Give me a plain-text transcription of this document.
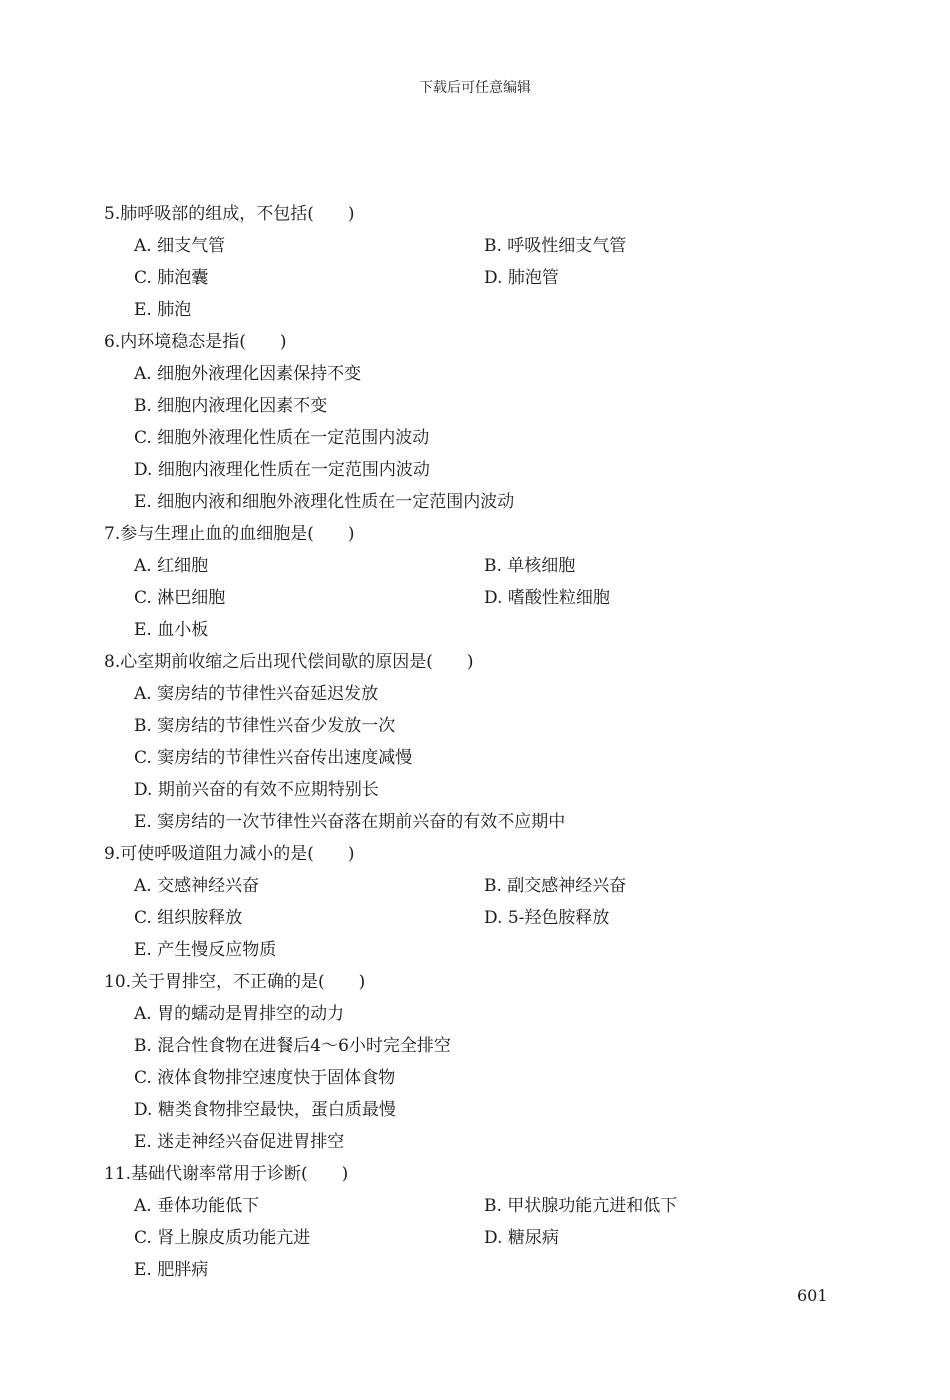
下载后可任意编辑
5.肺呼吸部的组成，不包括(　　)
A. 细支气管	B. 呼吸性细支气管
C. 肺泡囊	D. 肺泡管
E. 肺泡
6.内环境稳态是指(　　)
A. 细胞外液理化因素保持不变
B. 细胞内液理化因素不变
C. 细胞外液理化性质在一定范围内波动
D. 细胞内液理化性质在一定范围内波动
E. 细胞内液和细胞外液理化性质在一定范围内波动
7.参与生理止血的血细胞是(　　)
A. 红细胞	B. 单核细胞
C. 淋巴细胞	D. 嗜酸性粒细胞
E. 血小板
8.心室期前收缩之后出现代偿间歇的原因是(　　)
A. 窦房结的节律性兴奋延迟发放
B. 窦房结的节律性兴奋少发放一次
C. 窦房结的节律性兴奋传出速度减慢
D. 期前兴奋的有效不应期特别长
E. 窦房结的一次节律性兴奋落在期前兴奋的有效不应期中
9.可使呼吸道阻力减小的是(　　)
A. 交感神经兴奋	B. 副交感神经兴奋
C. 组织胺释放	D. 5-羟色胺释放
E. 产生慢反应物质
10.关于胃排空，不正确的是(　　)
A. 胃的蠕动是胃排空的动力
B. 混合性食物在进餐后4～6小时完全排空
C. 液体食物排空速度快于固体食物
D. 糖类食物排空最快，蛋白质最慢
E. 迷走神经兴奋促进胃排空
11.基础代谢率常用于诊断(　　)
A. 垂体功能低下	B. 甲状腺功能亢进和低下
C. 肾上腺皮质功能亢进	D. 糖尿病
E. 肥胖病
601
